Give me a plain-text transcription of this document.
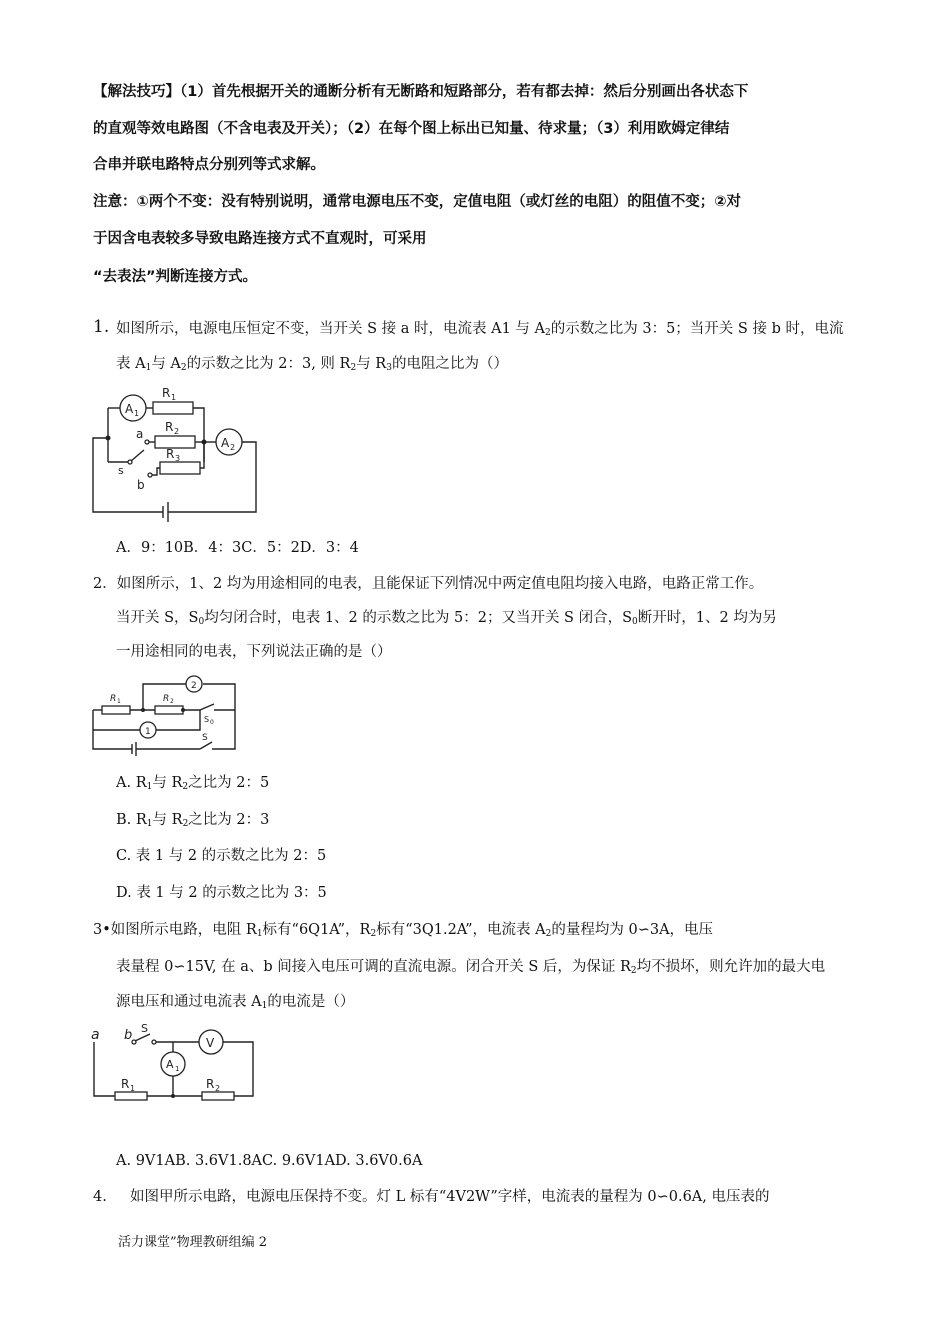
【解法技巧】（1）首先根据开关的通断分析有无断路和短路部分，若有都去掉：然后分别画出各状态下
的直观等效电路图（不含电表及开关）；（2）在每个图上标出已知量、待求量；（3）利用欧姆定律结
合串并联电路特点分别列等式求解。
注意：①两个不变：没有特别说明，通常电源电压不变，定值电阻（或灯丝的电阻）的阻值不变；②对
于因含电表较多导致电路连接方式不直观时，可采用
“去表法”判断连接方式。
1. 如图所示，电源电压恒定不变，当开关 S 接 a 时，电流表 A1 与 $A_2$的示数之比为 3：5；当开关 S 接 b 时，电流
表 $A_1$与 $A_2$的示数之比为 2：3, 则 $R_2$与 $R_3$的电阻之比为（）
A 1
R 1
a R 2
A 2
s
b
R 3
A．9：10B．4：3C．5：2D．3：4
2．如图所示，1、2 均为用途相同的电表，且能保证下列情况中两定值电阻均接入电路，电路正常工作。
当开关 S，$S_0$均匀闭合时，电表 1、2 的示数之比为 5：2；又当开关 S 闭合，$S_0$断开时，1、2 均为另
一用途相同的电表，下列说法正确的是（）
S
2
R 1	R 2
S 0
1
A. $R_1$与 $R_2$之比为 2：5
B. $R_1$与 $R_2$之比为 2：3
C. 表 1 与 2 的示数之比为 2：5
D. 表 1 与 2 的示数之比为 3：5
3•如图所示电路，电阻 $R_1$标有“6Q1A”，$R_2$标有“3Q1.2A”，电流表 $A_2$的量程均为 0∽3A，电压
表量程 0∽15V, 在 a、b 间接入电压可调的直流电源。闭合开关 S 后，为保证 $R_2$均不损坏，则允许加的最大电
源电压和通过电流表 $A_1$的电流是（）
a b S
V
A 1
R 1	R 2
A. 9V1AB. 3.6V1.8AC. 9.6V1AD. 3.6V0.6A
4. 如图甲所示电路，电源电压保持不变。灯 L 标有“4V2W”字样，电流表的量程为 0∽0.6A, 电压表的
活力课堂”物理教研组编 2
